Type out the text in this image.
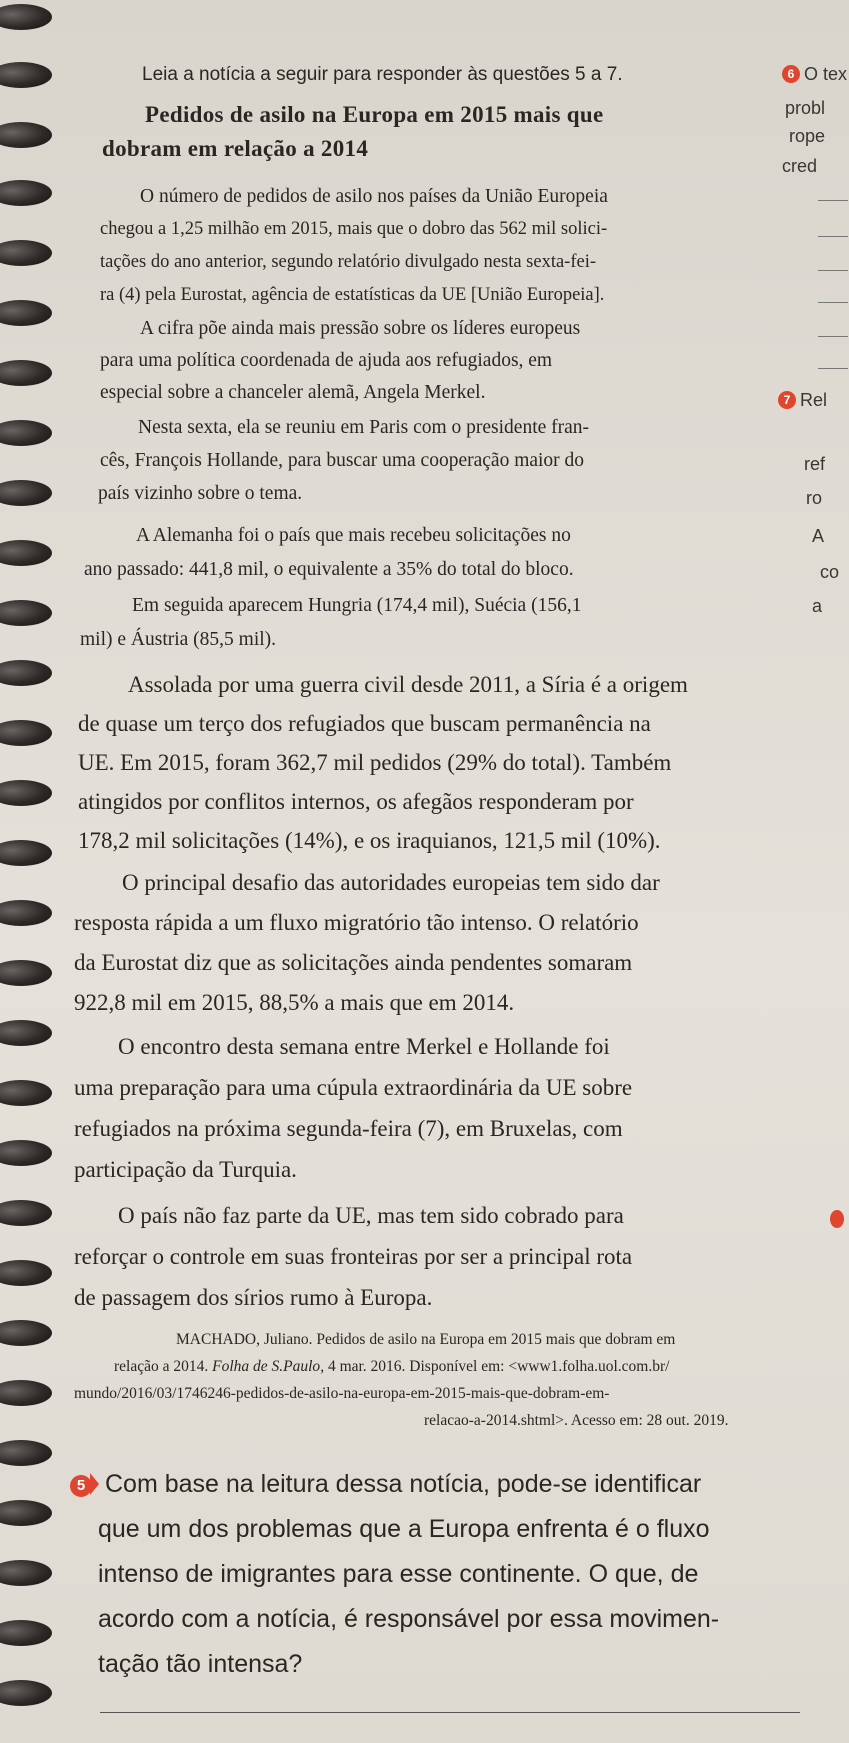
Leia a notícia a seguir para responder às questões 5 a 7.
Pedidos de asilo na Europa em 2015 mais que
dobram em relação a 2014
O número de pedidos de asilo nos países da União Europeia
chegou a 1,25 milhão em 2015, mais que o dobro das 562 mil solici-
tações do ano anterior, segundo relatório divulgado nesta sexta-fei-
ra (4) pela Eurostat, agência de estatísticas da UE [União Europeia].
A cifra põe ainda mais pressão sobre os líderes europeus
para uma política coordenada de ajuda aos refugiados, em
especial sobre a chanceler alemã, Angela Merkel.
Nesta sexta, ela se reuniu em Paris com o presidente fran-
cês, François Hollande, para buscar uma cooperação maior do
país vizinho sobre o tema.
A Alemanha foi o país que mais recebeu solicitações no
ano passado: 441,8 mil, o equivalente a 35% do total do bloco.
Em seguida aparecem Hungria (174,4 mil), Suécia (156,1
mil) e Áustria (85,5 mil).
Assolada por uma guerra civil desde 2011, a Síria é a origem
de quase um terço dos refugiados que buscam permanência na
UE. Em 2015, foram 362,7 mil pedidos (29% do total). Também
atingidos por conflitos internos, os afegãos responderam por
178,2 mil solicitações (14%), e os iraquianos, 121,5 mil (10%).
O principal desafio das autoridades europeias tem sido dar
resposta rápida a um fluxo migratório tão intenso. O relatório
da Eurostat diz que as solicitações ainda pendentes somaram
922,8 mil em 2015, 88,5% a mais que em 2014.
O encontro desta semana entre Merkel e Hollande foi
uma preparação para uma cúpula extraordinária da UE sobre
refugiados na próxima segunda-feira (7), em Bruxelas, com
participação da Turquia.
O país não faz parte da UE, mas tem sido cobrado para
reforçar o controle em suas fronteiras por ser a principal rota
de passagem dos sírios rumo à Europa.
MACHADO, Juliano. Pedidos de asilo na Europa em 2015 mais que dobram em
relação a 2014. Folha de S.Paulo, 4 mar. 2016. Disponível em: <www1.folha.uol.com.br/
mundo/2016/03/1746246-pedidos-de-asilo-na-europa-em-2015-mais-que-dobram-em-
relacao-a-2014.shtml>. Acesso em: 28 out. 2019.
5 Com base na leitura dessa notícia, pode-se identificar
que um dos problemas que a Europa enfrenta é o fluxo
intenso de imigrantes para esse continente. O que, de
acordo com a notícia, é responsável por essa movimen-
tação tão intensa?
6 O tex
probl
rope
cred
7 Rel
ref
ro
A
co
a
